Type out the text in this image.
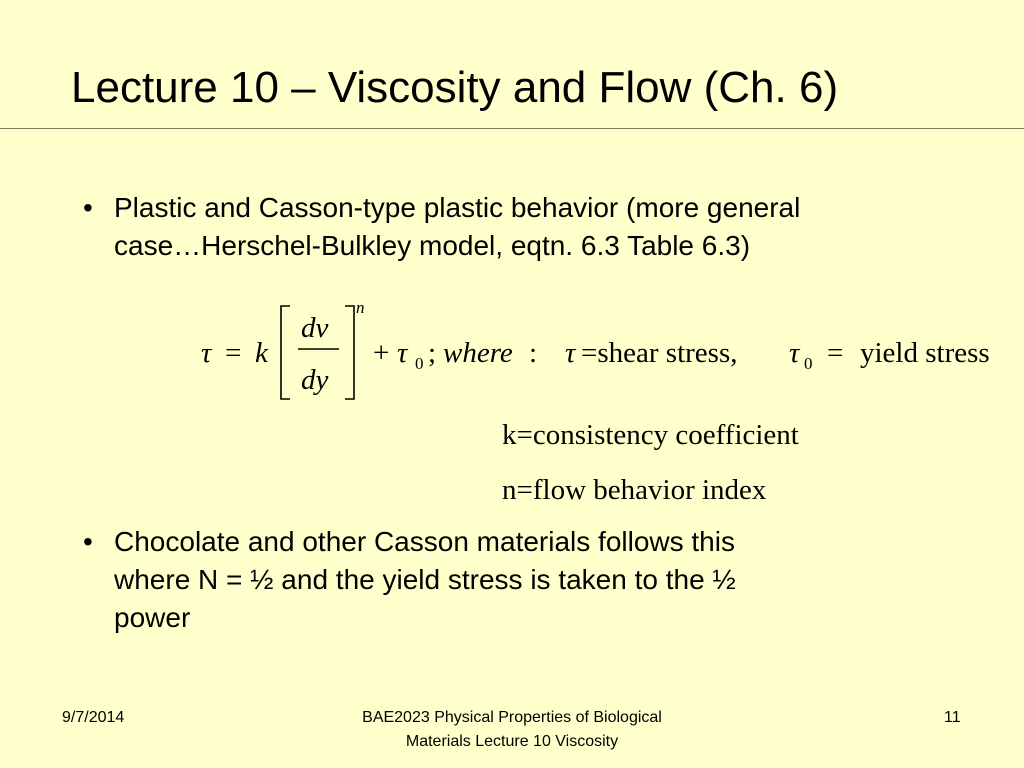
Lecture 10 – Viscosity and Flow (Ch. 6)
• Plastic and Casson-type plastic behavior (more general
case…Herschel-Bulkley model, eqtn. 6.3 Table 6.3)
τ = k
dv
dy
n
+ τ 0 ; where : τ =shear stress, τ 0 = yield stress
k=consistency coefficient
n=flow behavior index
• Chocolate and other Casson materials follows this
where N = ½ and the yield stress is taken to the ½
power
9/7/2014	BAE2023 Physical Properties of Biological Materials Lecture 10 Viscosity
11
